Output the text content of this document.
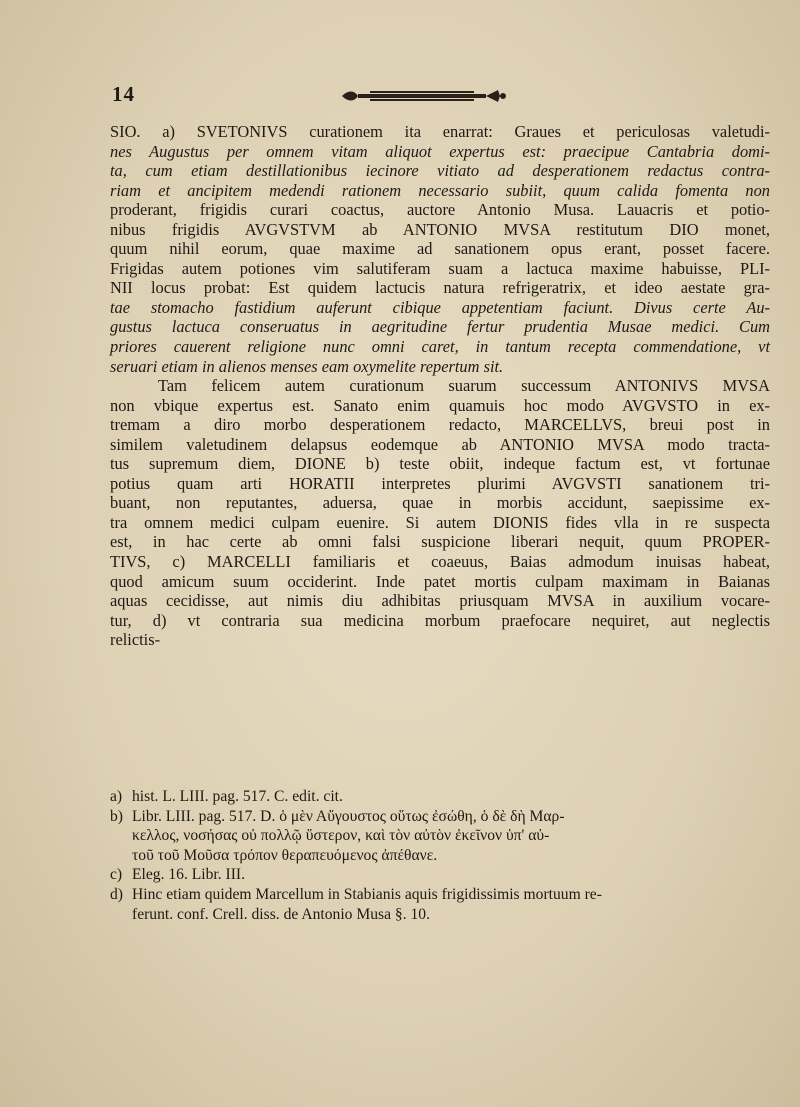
14
SIO. a) SVETONIVS curationem ita enarrat: Graues et periculosas valetudi-
nes Augustus per omnem vitam aliquot expertus est: praecipue Cantabria domi-
ta, cum etiam destillationibus iecinore vitiato ad desperationem redactus contra-
riam et ancipitem medendi rationem necessario subiit, quum calida fomenta non
proderant, frigidis curari coactus, auctore Antonio Musa. Lauacris et potio-
nibus frigidis AVGVSTVM ab ANTONIO MVSA restitutum DIO monet,
quum nihil eorum, quae maxime ad sanationem opus erant, posset facere.
Frigidas autem potiones vim salutiferam suam a lactuca maxime habuisse, PLI-
NII locus probat: Est quidem lactucis natura refrigeratrix, et ideo aestate gra-
tae stomacho fastidium auferunt cibique appetentiam faciunt. Divus certe Au-
gustus lactuca conseruatus in aegritudine fertur prudentia Musae medici. Cum
priores cauerent religione nunc omni caret, in tantum recepta commendatione, vt
seruari etiam in alienos menses eam oxymelite repertum sit.
Tam felicem autem curationum suarum successum ANTONIVS MVSA
non vbique expertus est. Sanato enim quamuis hoc modo AVGVSTO in ex-
tremam a diro morbo desperationem redacto, MARCELLVS, breui post in
similem valetudinem delapsus eodemque ab ANTONIO MVSA modo tracta-
tus supremum diem, DIONE b) teste obiit, indeque factum est, vt fortunae
potius quam arti HORATII interpretes plurimi AVGVSTI sanationem tri-
buant, non reputantes, aduersa, quae in morbis accidunt, saepissime ex-
tra omnem medici culpam euenire. Si autem DIONIS fides vlla in re suspecta
est, in hac certe ab omni falsi suspicione liberari nequit, quum PROPER-
TIVS, c) MARCELLI familiaris et coaeuus, Baias admodum inuisas habeat,
quod amicum suum occiderint. Inde patet mortis culpam maximam in Baianas
aquas cecidisse, aut nimis diu adhibitas priusquam MVSA in auxilium vocare-
tur, d) vt contraria sua medicina morbum praefocare nequiret, aut neglectis
relictis-
a) hist. L. LIII. pag. 517. C. edit. cit.
b) Libr. LIII. pag. 517. D. ὁ μὲν Αὔγουστος οὕτως ἐσώθη, ὁ δὲ δὴ Μαρ-
κελλος, νοσήσας οὐ πολλῷ ὕστερον, καὶ τὸν αὐτὸν ἐκεῖνον ὑπ' αὐ-
τοῦ τοῦ Μοῦσα τρόπον θεραπευόμενος ἀπέθανε.
c) Eleg. 16. Libr. III.
d) Hinc etiam quidem Marcellum in Stabianis aquis frigidissimis mortuum re-
ferunt. conf. Crell. diss. de Antonio Musa §. 10.
